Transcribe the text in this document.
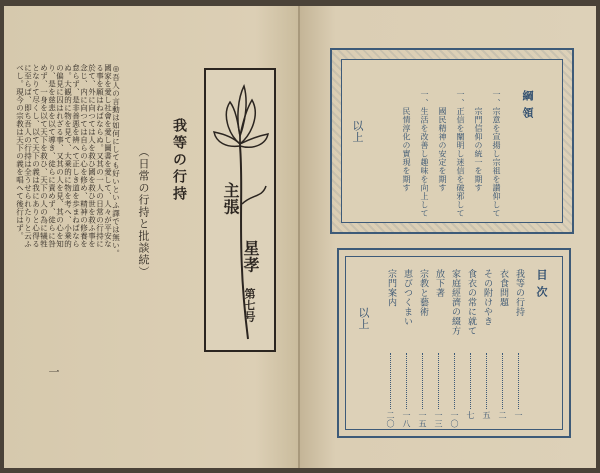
◎吾人の言動は如何にしても好いといふ譯では無い。
國家を愛し社會を愛し圖書を愛して、人々が平安な
る事を願はねばならぬ。又其の一人の日常の行持に
於て、外に向つては人を救ひ國を救ひ世を救ふ事を
念じ、内に向つては自らの心を修め、精神の修養を
怠らず、是非善悪を辨へて正しき道を歩まねばなら
ぬ。大観的に物を見て、大乗的に物を考へ、小乗的
の偏見に囚はれざる事、又其の人を見、其の心を知
り、是を慈悲を以て導き、徒らに責めず、徒らに咎
めず、一身を以て天下を救ひ、天下の人の為に犠牲
となりて尽くし、以て天下の義は我にありと心得る
に至らば、即ち吾人の行持は全うせられたりと云ふ
べし。現今の宗教は天下の義を唱へて後行はず。	我等の行持
（日常の行持と批談続）	主張
星孝
第七号
一
綱領
一、宗意を宣揚し宗祖を讃仰して
　　宗門信仰の統一を期す
一、正信を闡明し迷信を破邪して
　　國民精神の安定を期す
一、生活を改善し趣味を向上して
　　民情淳化の實現を期す
以上
目次
我等の行持
一
衣食問題
二
その附けやき
五
食衣の常に就て
七
家庭經濟の綴方
一〇
放下著
一三
宗教と藝術
一五
恵びつくまい
一八
宗門案内
二〇
以上
